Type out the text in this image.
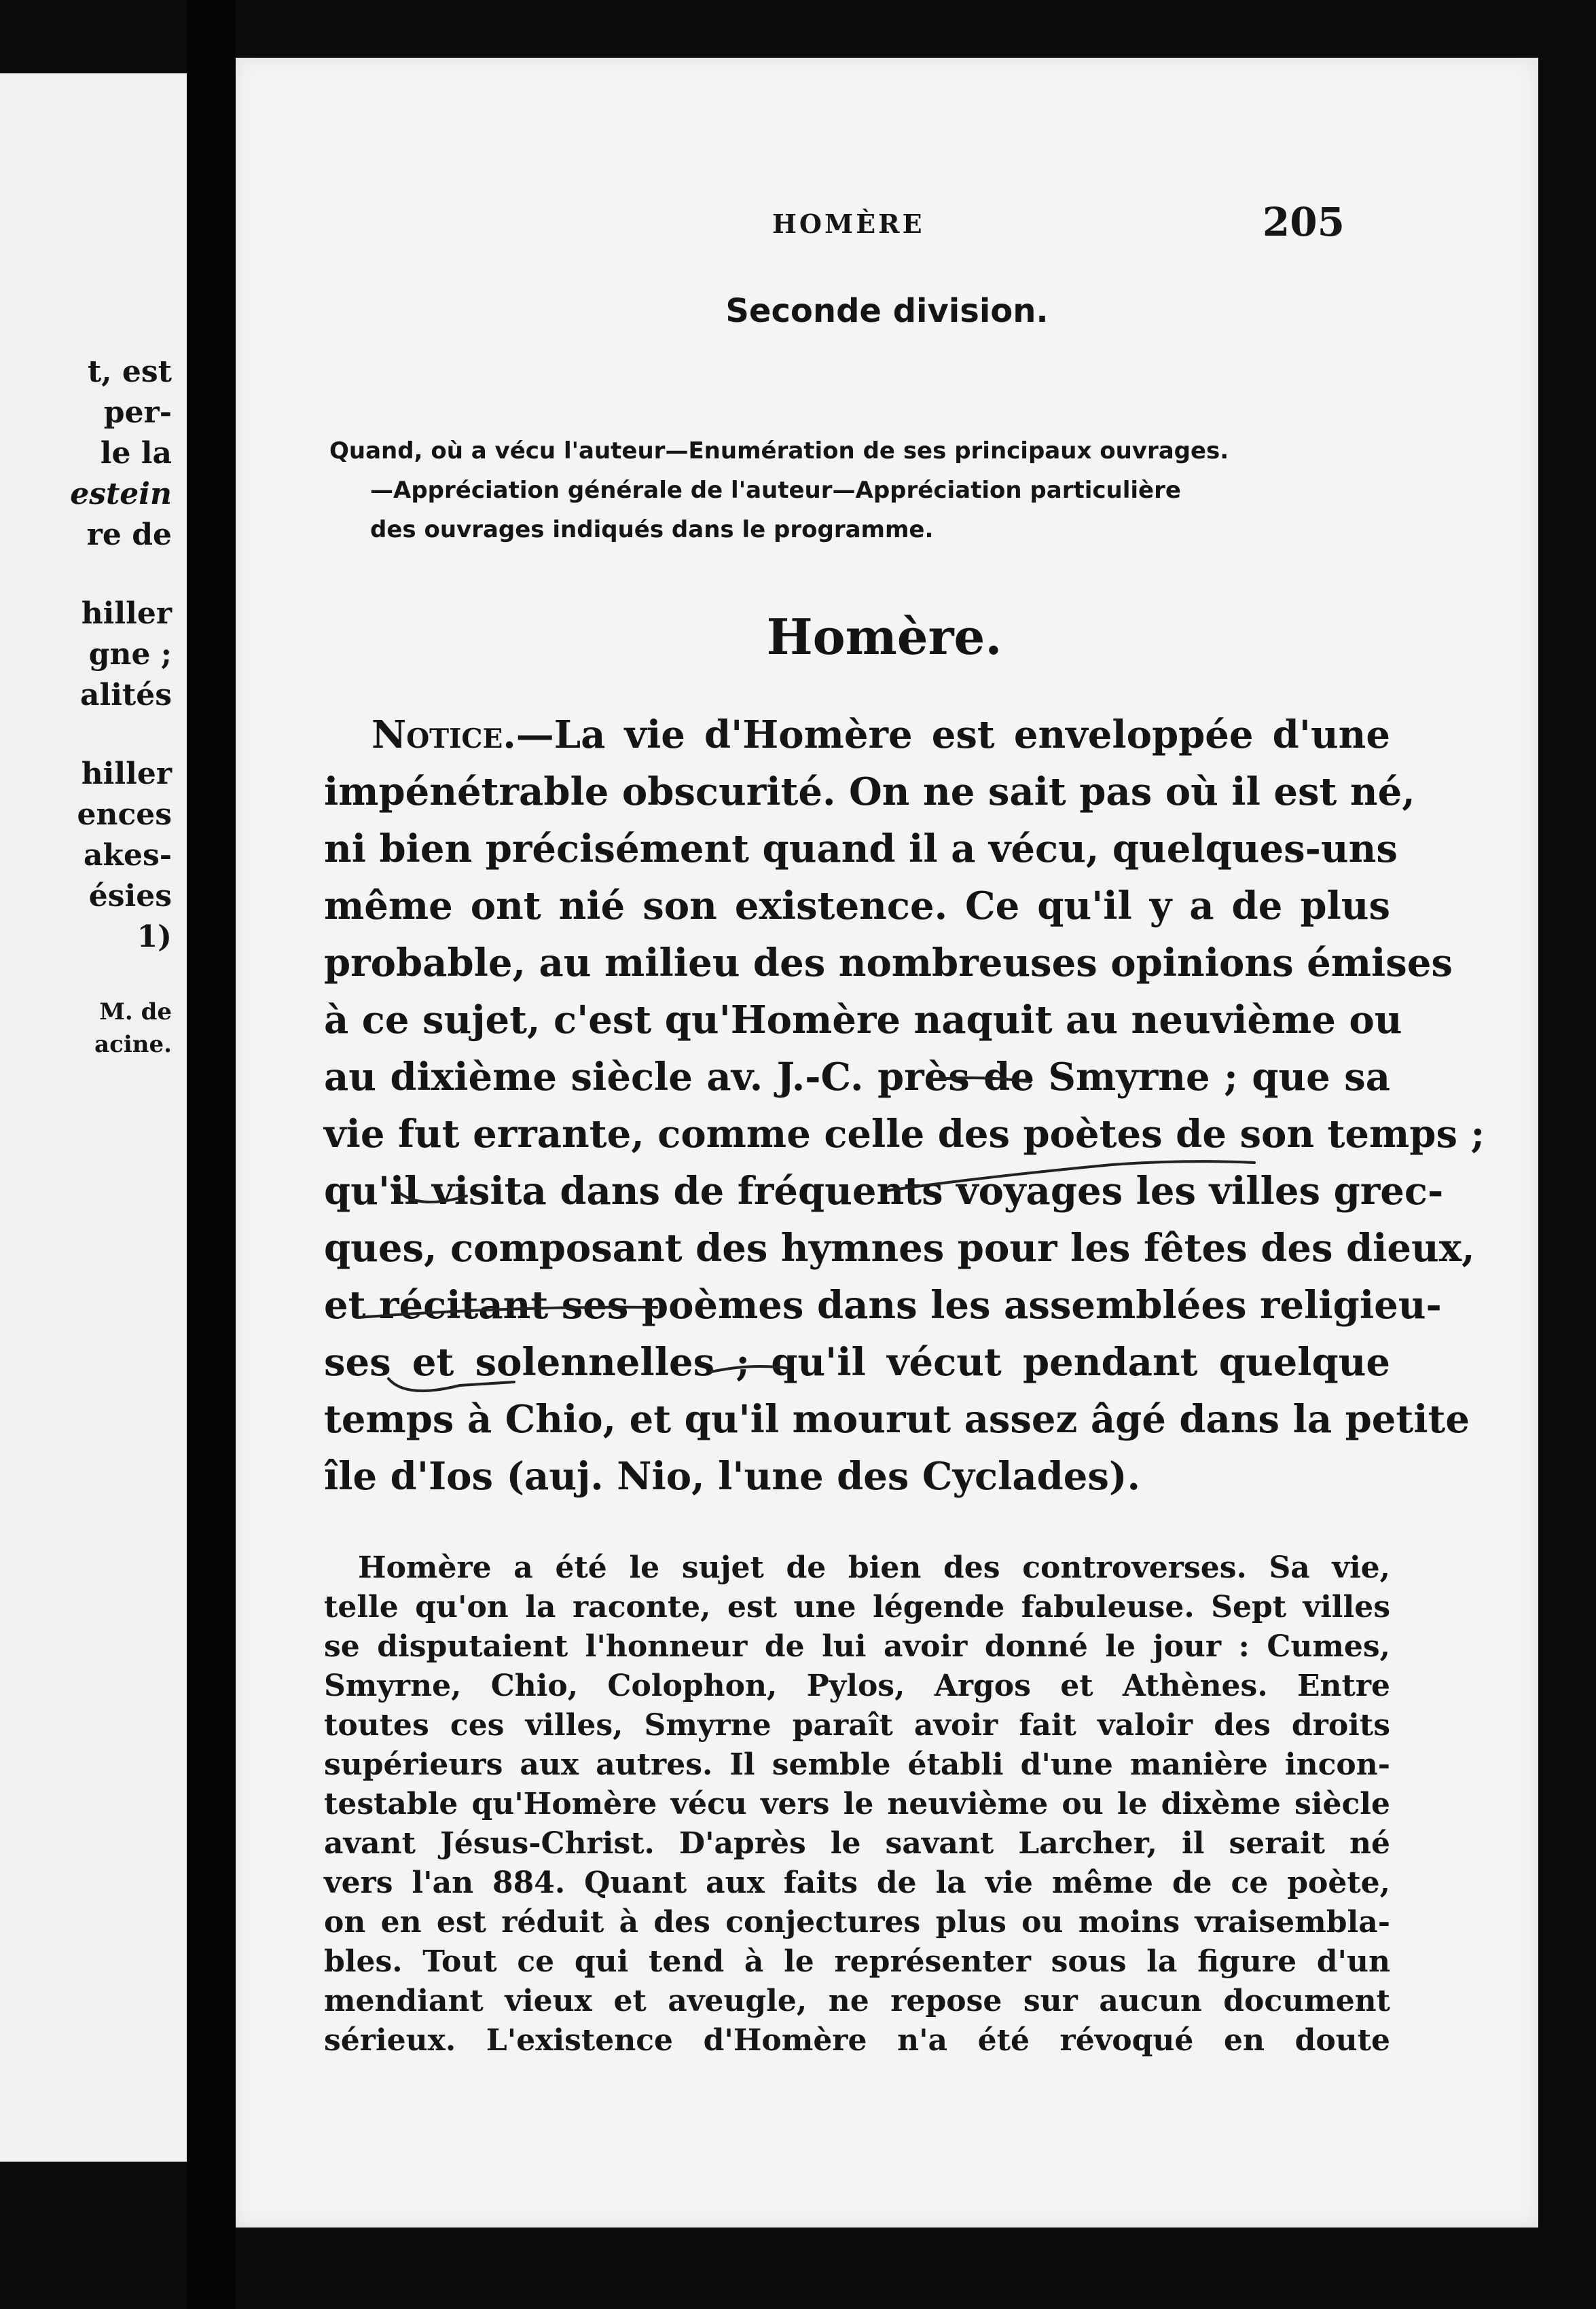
t, est
per-
le la
estein
re de
hiller
gne ;
alités
hiller
ences
akes-
ésies
1)
M. de
acine.
HOMÈRE	205
Seconde division.
Quand, où a vécu l'auteur—Enumération de ses principaux ouvrages.
—Appréciation générale de l'auteur—Appréciation particulière
des ouvrages indiqués dans le programme.
Homère.
Notice.—La vie d'Homère est enveloppée d'une
impénétrable obscurité. On ne sait pas où il est né,
ni bien précisément quand il a vécu, quelques-uns
même ont nié son existence. Ce qu'il y a de plus
probable, au milieu des nombreuses opinions émises
à ce sujet, c'est qu'Homère naquit au neuvième ou
au dixième siècle av. J.-C. près de Smyrne ; que sa
vie fut errante, comme celle des poètes de son temps ;
qu'il visita dans de fréquents voyages les villes grec-
ques, composant des hymnes pour les fêtes des dieux,
et récitant ses poèmes dans les assemblées religieu-
ses et solennelles ; qu'il vécut pendant quelque
temps à Chio, et qu'il mourut assez âgé dans la petite
île d'Ios (auj. Nio, l'une des Cyclades).
Homère a été le sujet de bien des controverses. Sa vie,
telle qu'on la raconte, est une légende fabuleuse. Sept villes
se disputaient l'honneur de lui avoir donné le jour : Cumes,
Smyrne, Chio, Colophon, Pylos, Argos et Athènes. Entre
toutes ces villes, Smyrne paraît avoir fait valoir des droits
supérieurs aux autres. Il semble établi d'une manière incon-
testable qu'Homère vécu vers le neuvième ou le dixème siècle
avant Jésus-Christ. D'après le savant Larcher, il serait né
vers l'an 884. Quant aux faits de la vie même de ce poète,
on en est réduit à des conjectures plus ou moins vraisembla-
bles. Tout ce qui tend à le représenter sous la figure d'un
mendiant vieux et aveugle, ne repose sur aucun document
sérieux. L'existence d'Homère n'a été révoqué en doute
